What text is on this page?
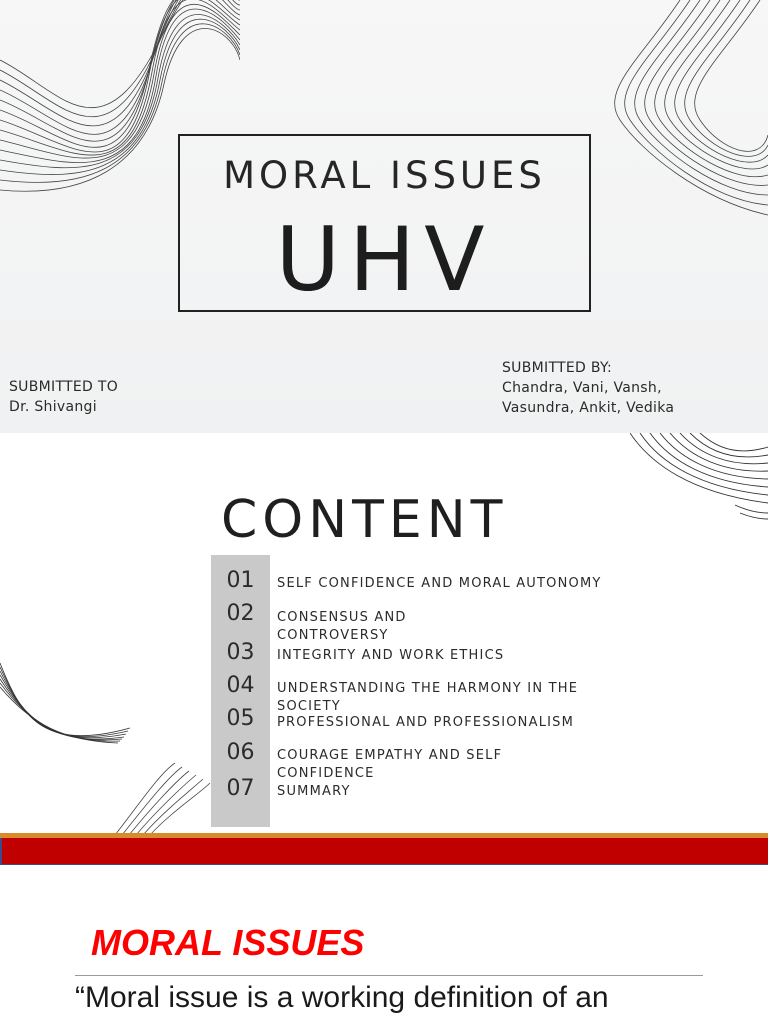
MORAL ISSUES
UHV
SUBMITTED TO
Dr. Shivangi
SUBMITTED BY:
Chandra, Vani, Vansh,
Vasundra, Ankit, Vedika
CONTENT
01
02
03
04
05
06
07
SELF CONFIDENCE AND MORAL AUTONOMY
CONSENSUS AND CONTROVERSY
INTEGRITY AND WORK ETHICS
UNDERSTANDING THE HARMONY IN THE SOCIETY
PROFESSIONAL AND PROFESSIONALISM
COURAGE EMPATHY AND SELF CONFIDENCE
SUMMARY
MORAL ISSUES
“Moral issue is a working definition of an
